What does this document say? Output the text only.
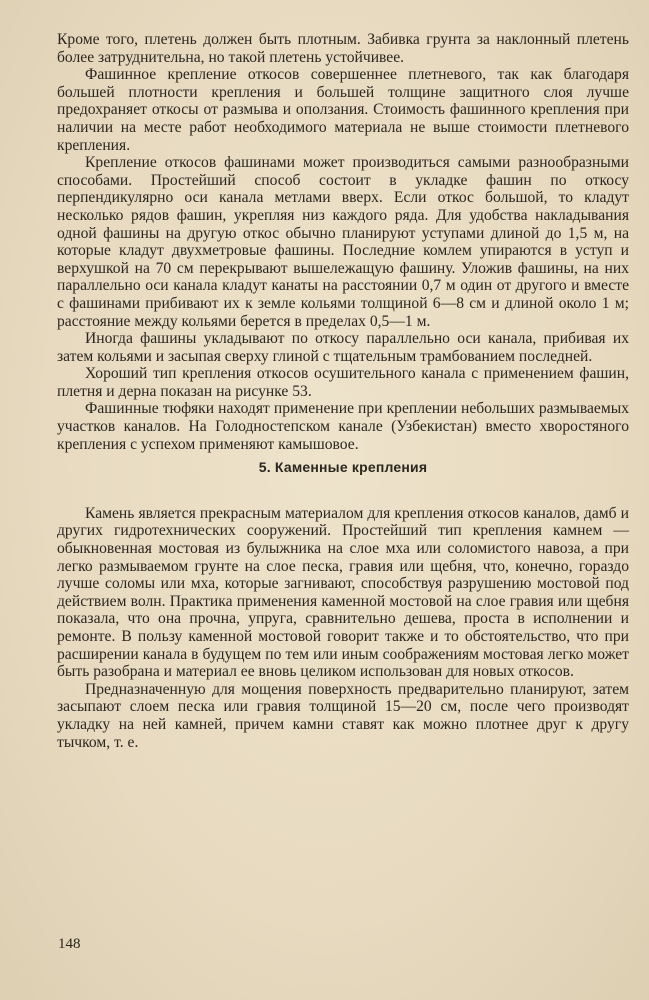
Кроме того, плетень должен быть плотным. Забивка грунта за наклонный плетень более затруднительна, но такой плетень устойчивее.

Фашинное крепление откосов совершеннее плетневого, так как благодаря большей плотности крепления и большей толщине защитного слоя лучше предохраняет откосы от размыва и оползания. Стоимость фашинного крепления при наличии на месте работ необходимого материала не выше стоимости плетневого крепления.

Крепление откосов фашинами может производиться самыми разнообразными способами. Простейший способ состоит в укладке фашин по откосу перпендикулярно оси канала метлами вверх. Если откос большой, то кладут несколько рядов фашин, укрепляя низ каждого ряда. Для удобства накладывания одной фашины на другую откос обычно планируют уступами длиной до 1,5 м, на которые кладут двухметровые фашины. Последние комлем упираются в уступ и верхушкой на 70 см перекрывают вышележащую фашину. Уложив фашины, на них параллельно оси канала кладут канаты на расстоянии 0,7 м один от другого и вместе с фашинами прибивают их к земле кольями толщиной 6—8 см и длиной около 1 м; расстояние между кольями берется в пределах 0,5—1 м.

Иногда фашины укладывают по откосу параллельно оси канала, прибивая их затем кольями и засыпая сверху глиной с тщательным трамбованием последней.

Хороший тип крепления откосов осушительного канала с применением фашин, плетня и дерна показан на рисунке 53.

Фашинные тюфяки находят применение при креплении небольших размываемых участков каналов. На Голодностепском канале (Узбекистан) вместо хворостяного крепления с успехом применяют камышовое.

5. Каменные крепления

Камень является прекрасным материалом для крепления откосов каналов, дамб и других гидротехнических сооружений. Простейший тип крепления камнем — обыкновенная мостовая из булыжника на слое мха или соломистого навоза, а при легко размываемом грунте на слое песка, гравия или щебня, что, конечно, гораздо лучше соломы или мха, которые загнивают, способствуя разрушению мостовой под действием волн. Практика применения каменной мостовой на слое гравия или щебня показала, что она прочна, упруга, сравнительно дешева, проста в исполнении и ремонте. В пользу каменной мостовой говорит также и то обстоятельство, что при расширении канала в будущем по тем или иным соображениям мостовая легко может быть разобрана и материал ее вновь целиком использован для новых откосов.

Предназначенную для мощения поверхность предварительно планируют, затем засыпают слоем песка или гравия толщиной 15—20 см, после чего производят укладку на ней камней, причем камни ставят как можно плотнее друг к другу тычком, т. е.

148
